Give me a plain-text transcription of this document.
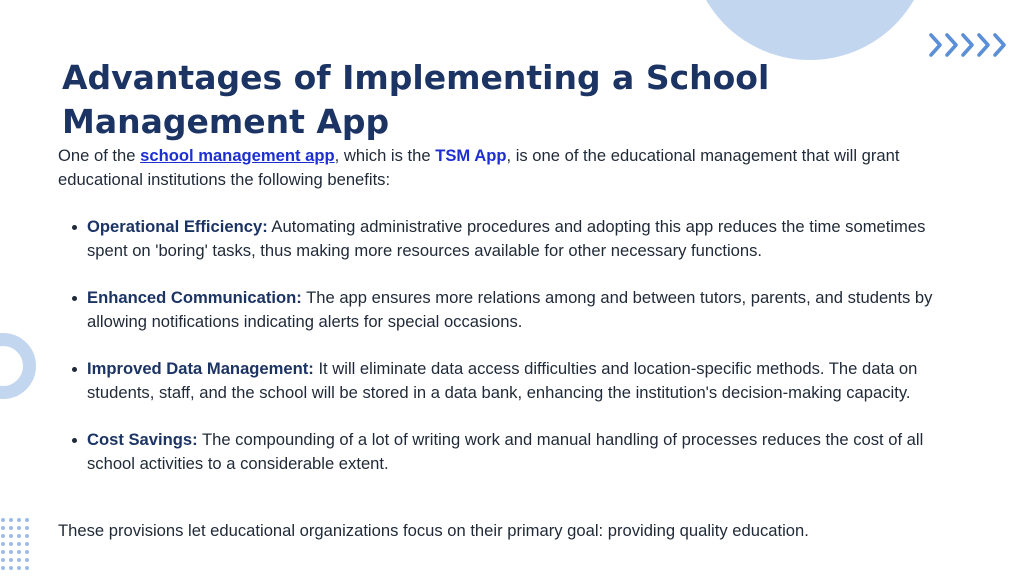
Advantages of Implementing a School Management App

One of the school management app, which is the TSM App, is one of the educational management that will grant educational institutions the following benefits:

Operational Efficiency: Automating administrative procedures and adopting this app reduces the time sometimes spent on 'boring' tasks, thus making more resources available for other necessary functions.
Enhanced Communication: The app ensures more relations among and between tutors, parents, and students by allowing notifications indicating alerts for special occasions.
Improved Data Management: It will eliminate data access difficulties and location-specific methods. The data on students, staff, and the school will be stored in a data bank, enhancing the institution's decision-making capacity.
Cost Savings: The compounding of a lot of writing work and manual handling of processes reduces the cost of all school activities to a considerable extent.

These provisions let educational organizations focus on their primary goal: providing quality education.
